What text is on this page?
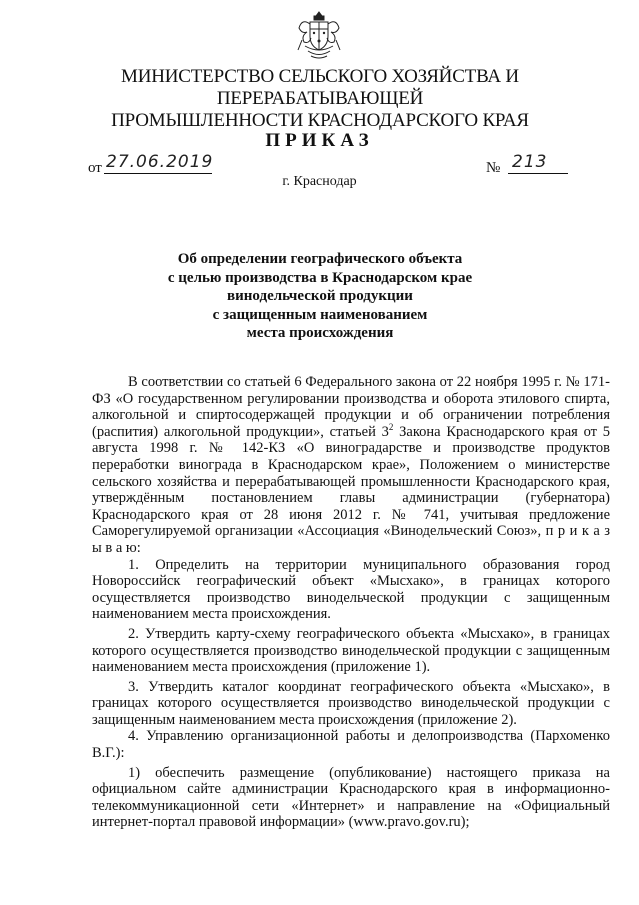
МИНИСТЕРСТВО СЕЛЬСКОГО ХОЗЯЙСТВА И ПЕРЕРАБАТЫВАЮЩЕЙ
ПРОМЫШЛЕННОСТИ КРАСНОДАРСКОГО КРАЯ
ПРИКАЗ
от 27.06.2019	№ 213
г. Краснодар
Об определении географического объекта
с целью производства в Краснодарском крае
винодельческой продукции
с защищенным наименованием
места происхождения

В соответствии со статьей 6 Федерального закона от 22 ноября 1995 г. № 171-ФЗ «О государственном регулировании производства и оборота этилового спирта, алкогольной и спиртосодержащей продукции и об ограничении потребления (распития) алкогольной продукции», статьей $3^2$ Закона Краснодарского края от 5 августа 1998 г. № 142-КЗ «О виноградарстве и производстве продуктов переработки винограда в Краснодарском крае», Положением о министерстве сельского хозяйства и перерабатывающей промышленности Краснодарского края, утверждённым постановлением главы администрации (губернатора) Краснодарского края от 28 июня 2012 г. № 741, учитывая предложение Саморегулируемой организации «Ассоциация «Винодельческий Союз», п р и к а з ы в а ю:

1. Определить на территории муниципального образования город Новороссийск географический объект «Мысхако», в границах которого осуществляется производство винодельческой продукции с защищенным наименованием места происхождения.

2. Утвердить карту-схему географического объекта «Мысхако», в границах которого осуществляется производство винодельческой продукции с защищенным наименованием места происхождения (приложение 1).

3. Утвердить каталог координат географического объекта «Мысхако», в границах которого осуществляется производство винодельческой продукции с защищенным наименованием места происхождения (приложение 2).

4. Управлению организационной работы и делопроизводства (Пархоменко В.Г.):

1) обеспечить размещение (опубликование) настоящего приказа на официальном сайте администрации Краснодарского края в информационно-телекоммуникационной сети «Интернет» и направление на «Официальный интернет-портал правовой информации» (www.pravo.gov.ru);
